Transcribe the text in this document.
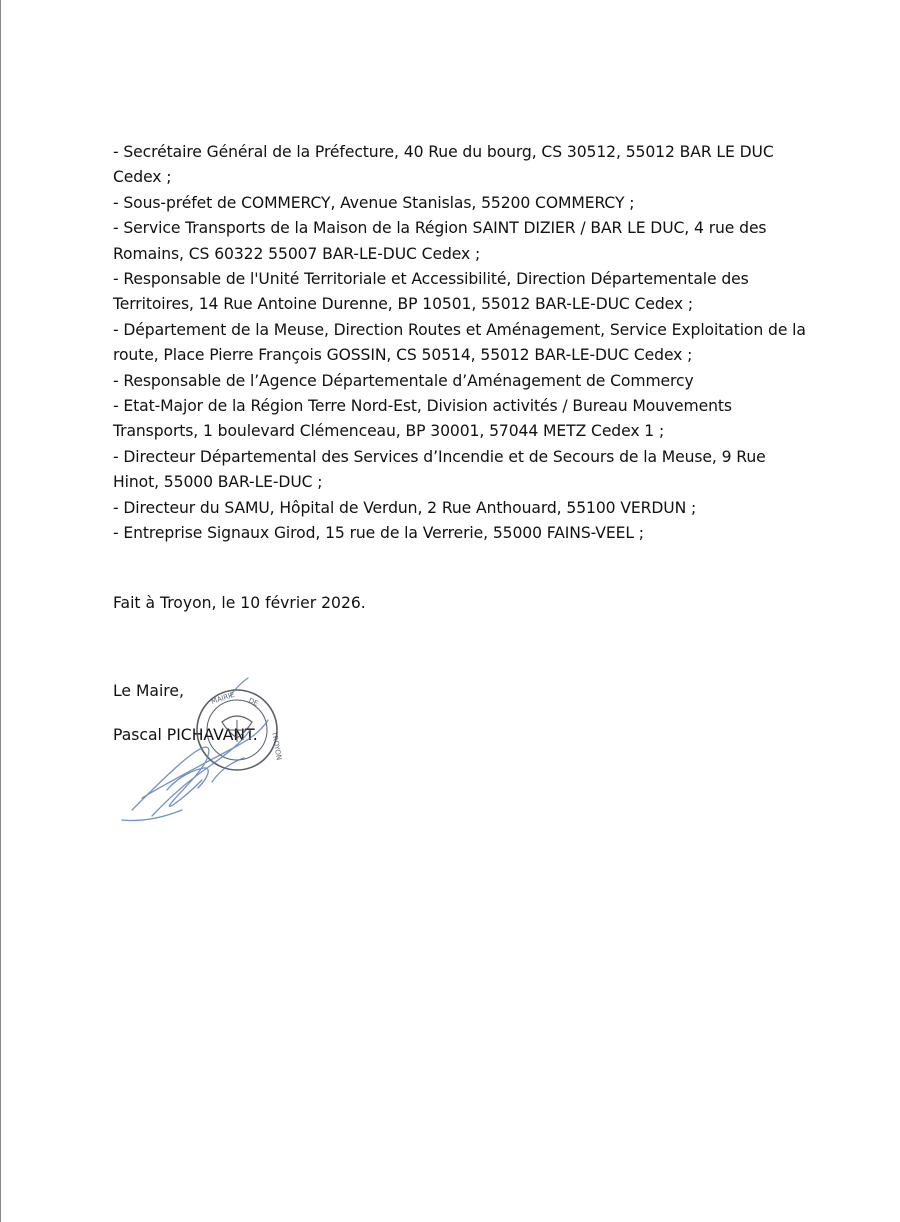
- Secrétaire Général de la Préfecture, 40 Rue du bourg, CS 30512, 55012 BAR LE DUC Cedex ;
- Sous-préfet de COMMERCY, Avenue Stanislas, 55200 COMMERCY ;
- Service Transports de la Maison de la Région SAINT DIZIER / BAR LE DUC, 4 rue des Romains, CS 60322 55007 BAR-LE-DUC Cedex ;
- Responsable de l'Unité Territoriale et Accessibilité, Direction Départementale des Territoires, 14 Rue Antoine Durenne, BP 10501, 55012 BAR-LE-DUC Cedex ;
- Département de la Meuse, Direction Routes et Aménagement, Service Exploitation de la route, Place Pierre François GOSSIN, CS 50514, 55012 BAR-LE-DUC Cedex ;
- Responsable de l’Agence Départementale d’Aménagement de Commercy
- Etat-Major de la Région Terre Nord-Est, Division activités / Bureau Mouvements Transports, 1 boulevard Clémenceau, BP 30001, 57044 METZ Cedex 1 ;
- Directeur Départemental des Services d’Incendie et de Secours de la Meuse, 9 Rue Hinot, 55000 BAR-LE-DUC ;
- Directeur du SAMU, Hôpital de Verdun, 2 Rue Anthouard, 55100 VERDUN ;
- Entreprise Signaux Girod, 15 rue de la Verrerie, 55000 FAINS-VEEL ;

Fait à Troyon, le 10 février 2026.

Le Maire,

Pascal PICHAVANT.

MAIRIE DE
TROYON
